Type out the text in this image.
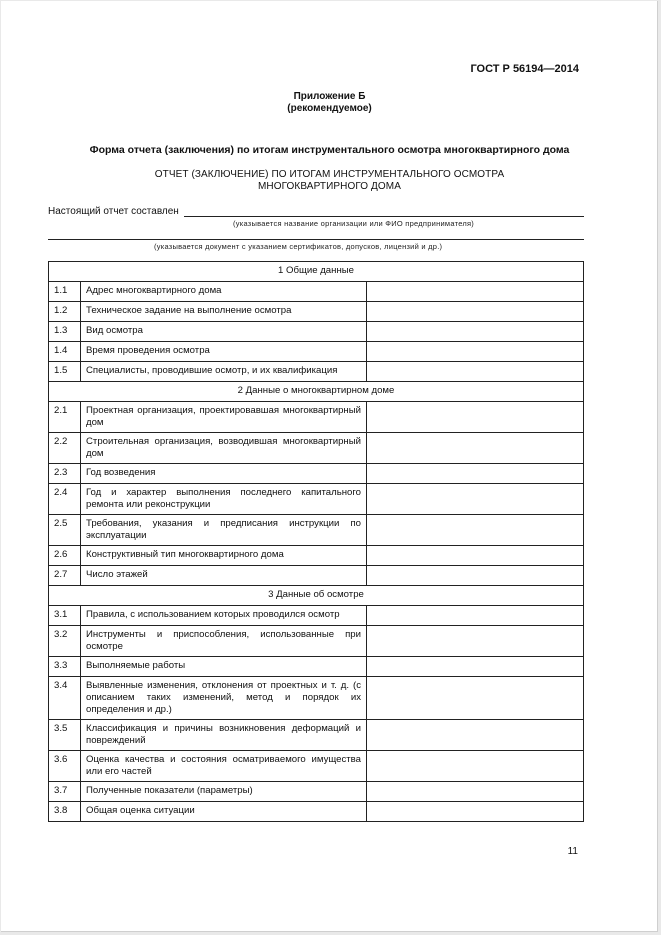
ГОСТ Р 56194—2014
Приложение Б
(рекомендуемое)
Форма отчета (заключения) по итогам инструментального осмотра многоквартирного дома
ОТЧЕТ (ЗАКЛЮЧЕНИЕ) ПО ИТОГАМ ИНСТРУМЕНТАЛЬНОГО ОСМОТРА
МНОГОКВАРТИРНОГО ДОМА
Настоящий отчет составлен
(указывается название организации или ФИО предпринимателя)
(указывается документ с указанием сертификатов, допусков, лицензий и др.)
1 Общие данные		
1.1	Адрес многоквартирного дома	
1.2	Техническое задание на выполнение осмотра	
1.3	Вид осмотра	
1.4	Время проведения осмотра	
1.5	Специалисты, проводившие осмотр, и их квалификация	
2 Данные о многоквартирном доме		
2.1	Проектная организация, проектировавшая многоквартирный дом	
2.2	Строительная организация, возводившая многоквартирный дом	
2.3	Год возведения	
2.4	Год и характер выполнения последнего капитального ремонта или реконструкции	
2.5	Требования, указания и предписания инструкции по эксплуатации	
2.6	Конструктивный тип многоквартирного дома	
2.7	Число этажей	
3 Данные об осмотре		
3.1	Правила, с использованием которых проводился осмотр	
3.2	Инструменты и приспособления, использованные при осмотре	
3.3	Выполняемые работы	
3.4	Выявленные изменения, отклонения от проектных и т. д. (с описанием таких изменений, метод и порядок их определения и др.)	
3.5	Классификация и причины возникновения деформаций и повреждений	
3.6	Оценка качества и состояния осматриваемого имущества или его частей	
3.7	Полученные показатели (параметры)	
3.8	Общая оценка ситуации	
11
